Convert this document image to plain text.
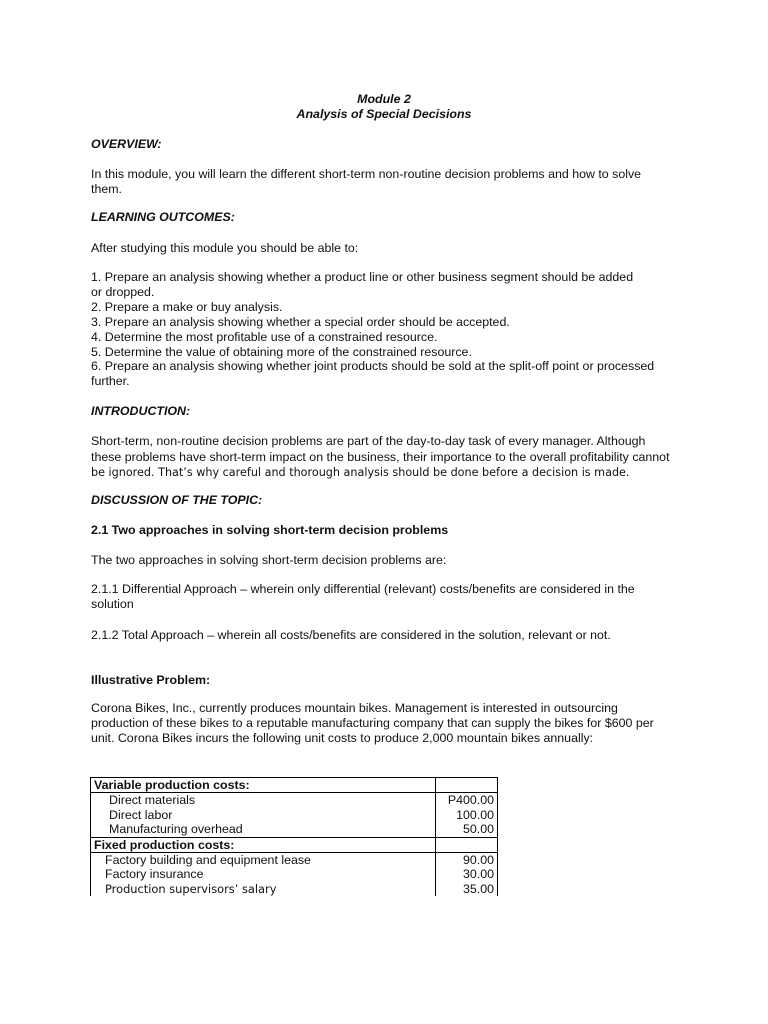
Module 2
Analysis of Special Decisions
OVERVIEW:
In this module, you will learn the different short-term non-routine decision problems and how to solve
them.
LEARNING OUTCOMES:
After studying this module you should be able to:
1. Prepare an analysis showing whether a product line or other business segment should be added
or dropped.
2. Prepare a make or buy analysis.
3. Prepare an analysis showing whether a special order should be accepted.
4. Determine the most profitable use of a constrained resource.
5. Determine the value of obtaining more of the constrained resource.
6. Prepare an analysis showing whether joint products should be sold at the split-off point or processed
further.
INTRODUCTION:
Short-term, non-routine decision problems are part of the day-to-day task of every manager. Although
these problems have short-term impact on the business, their importance to the overall profitability cannot
be ignored. That’s why careful and thorough analysis should be done before a decision is made.
DISCUSSION OF THE TOPIC:
2.1 Two approaches in solving short-term decision problems
The two approaches in solving short-term decision problems are:
2.1.1 Differential Approach – wherein only differential (relevant) costs/benefits are considered in the
solution
2.1.2 Total Approach – wherein all costs/benefits are considered in the solution, relevant or not.
Illustrative Problem:
Corona Bikes, Inc., currently produces mountain bikes. Management is interested in outsourcing
production of these bikes to a reputable manufacturing company that can supply the bikes for $600 per
unit. Corona Bikes incurs the following unit costs to produce 2,000 mountain bikes annually:
Variable production costs:	
Direct materials	P400.00
Direct labor	100.00
Manufacturing overhead	50.00
Fixed production costs:	
Factory building and equipment lease	90.00
Factory insurance	30.00
Production supervisors’ salary	35.00
